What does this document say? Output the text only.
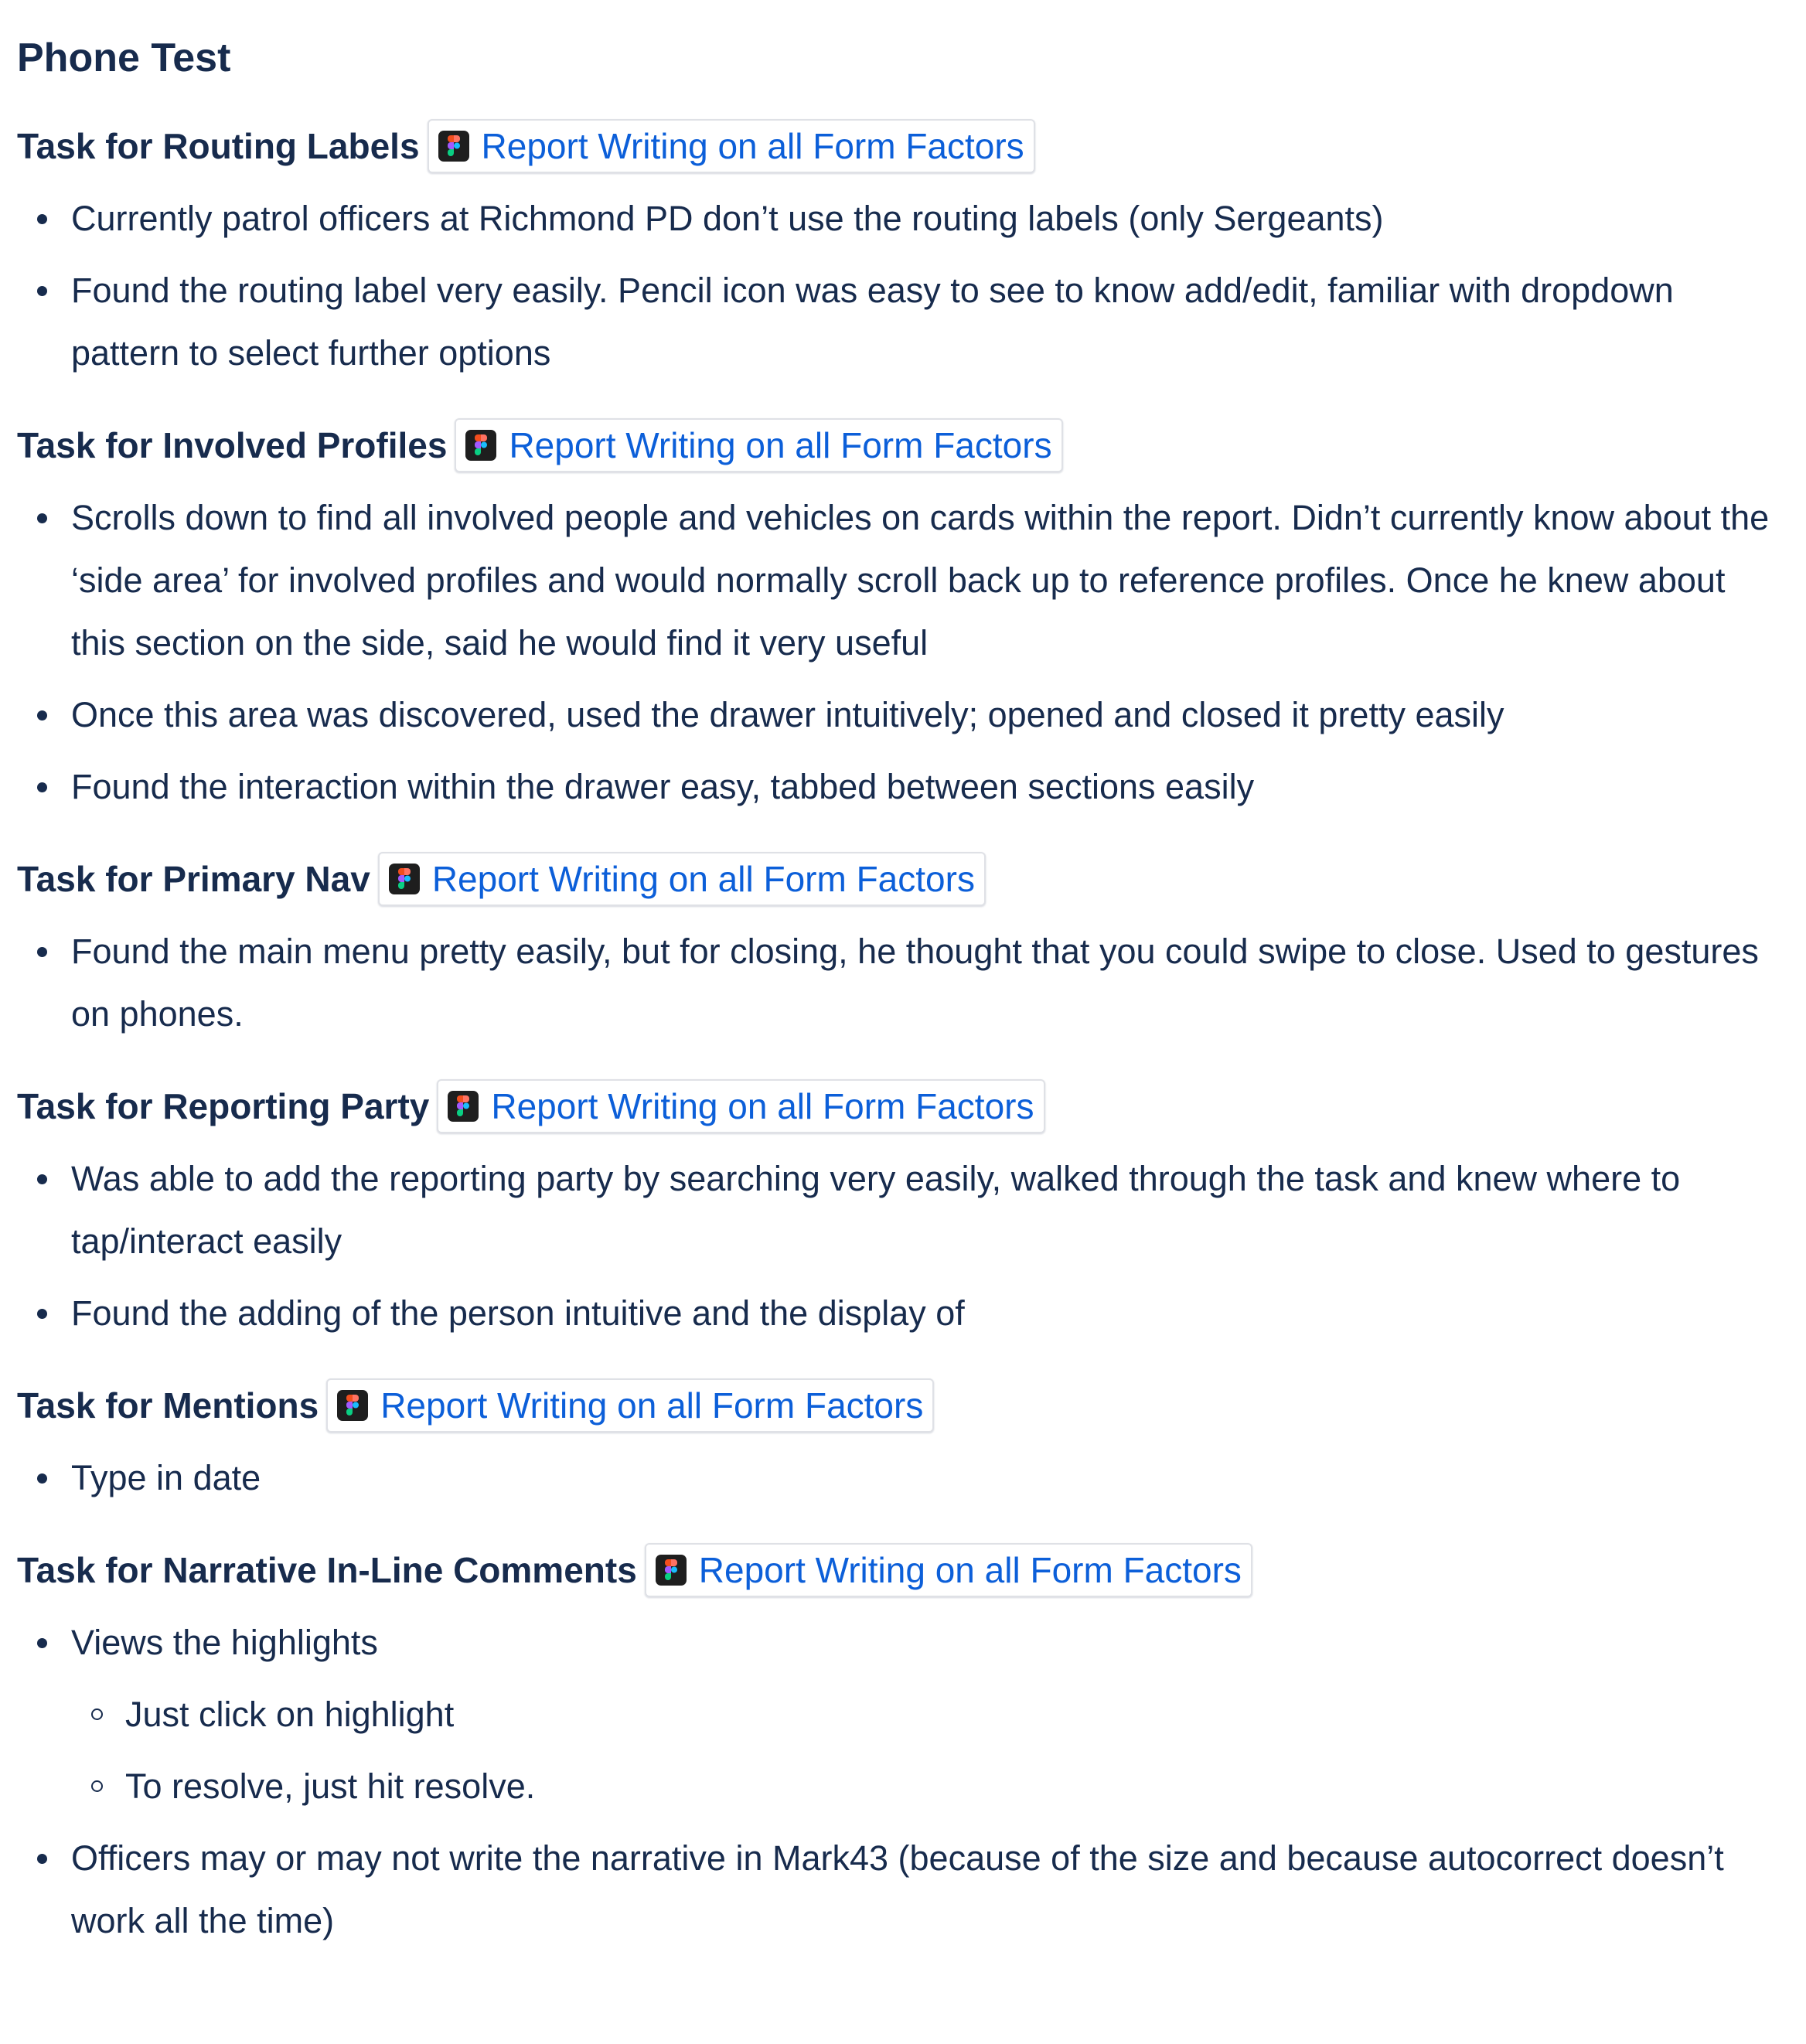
Phone Test
Task for Routing Labels Report Writing on all Form Factors
Currently patrol officers at Richmond PD don’t use the routing labels (only Sergeants)
Found the routing label very easily. Pencil icon was easy to see to know add/edit, familiar with dropdown pattern to select further options
Task for Involved Profiles Report Writing on all Form Factors
Scrolls down to find all involved people and vehicles on cards within the report. Didn’t currently know about the ‘side area’ for involved profiles and would normally scroll back up to reference profiles. Once he knew about this section on the side, said he would find it very useful
Once this area was discovered, used the drawer intuitively; opened and closed it pretty easily
Found the interaction within the drawer easy, tabbed between sections easily
Task for Primary Nav Report Writing on all Form Factors
Found the main menu pretty easily, but for closing, he thought that you could swipe to close. Used to gestures on phones.
Task for Reporting Party Report Writing on all Form Factors
Was able to add the reporting party by searching very easily, walked through the task and knew where to tap/interact easily
Found the adding of the person intuitive and the display of
Task for Mentions Report Writing on all Form Factors
Type in date
Task for Narrative In-Line Comments Report Writing on all Form Factors
Views the highlights
Just click on highlight
To resolve, just hit resolve.
Officers may or may not write the narrative in Mark43 (because of the size and because autocorrect doesn’t work all the time)
